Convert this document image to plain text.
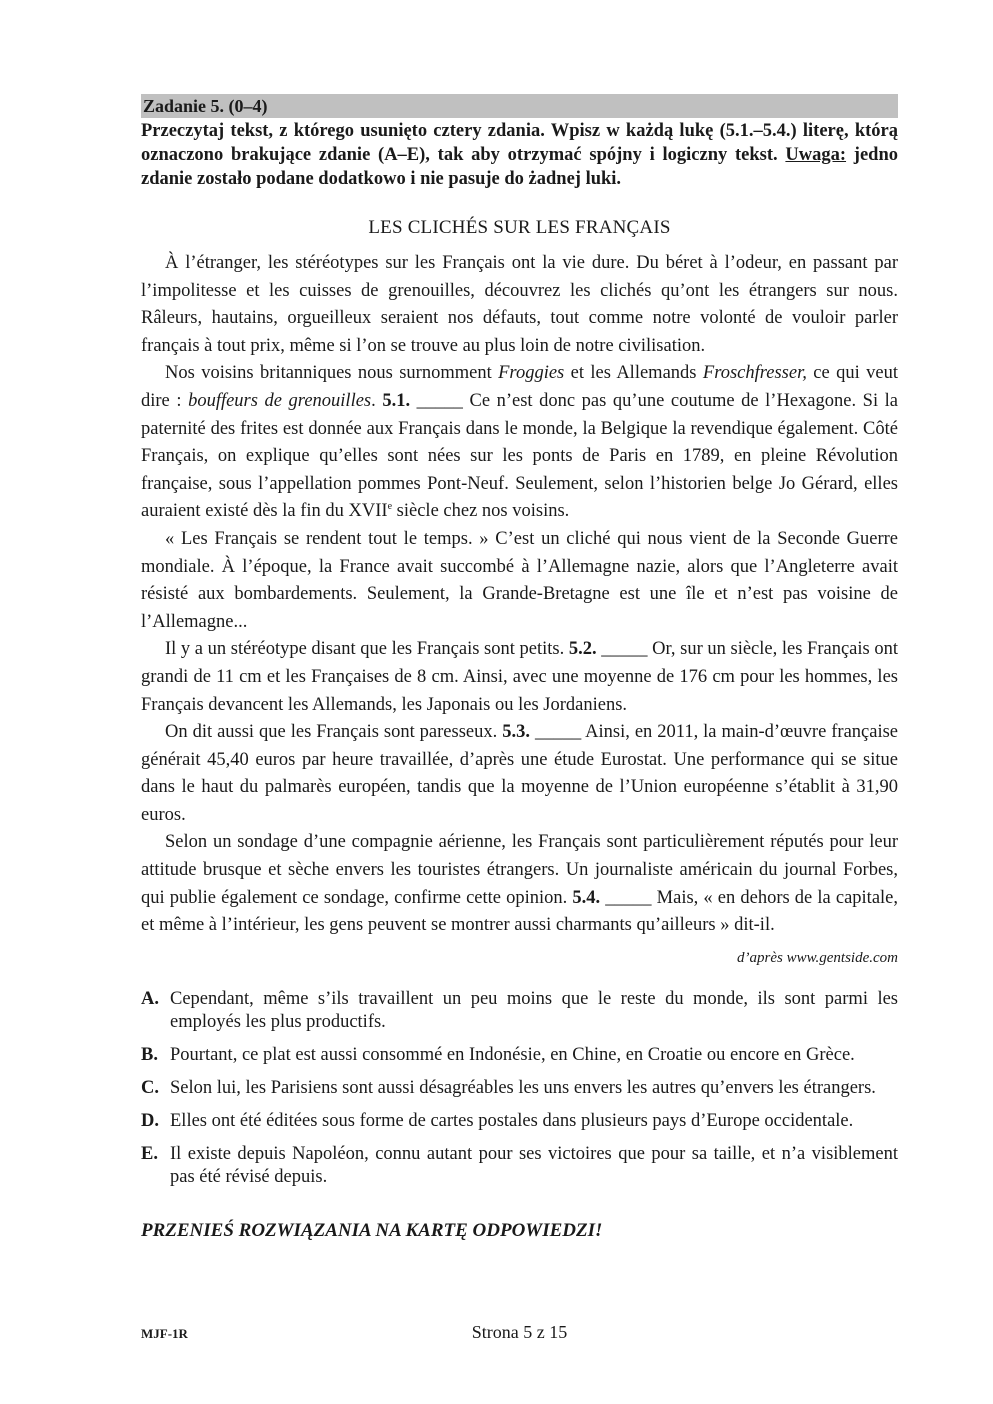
Zadanie 5. (0–4)
Przeczytaj tekst, z którego usunięto cztery zdania. Wpisz w każdą lukę (5.1.–5.4.) literę, którą oznaczono brakujące zdanie (A–E), tak aby otrzymać spójny i logiczny tekst. Uwaga: jedno zdanie zostało podane dodatkowo i nie pasuje do żadnej luki.
LES CLICHÉS SUR LES FRANÇAIS

À l’étranger, les stéréotypes sur les Français ont la vie dure. Du béret à l’odeur, en passant par l’impolitesse et les cuisses de grenouilles, découvrez les clichés qu’ont les étrangers sur nous. Râleurs, hautains, orgueilleux seraient nos défauts, tout comme notre volonté de vouloir parler français à tout prix, même si l’on se trouve au plus loin de notre civilisation.

Nos voisins britanniques nous surnomment Froggies et les Allemands Froschfresser, ce qui veut dire : bouffeurs de grenouilles. 5.1. _____ Ce n’est donc pas qu’une coutume de l’Hexagone. Si la paternité des frites est donnée aux Français dans le monde, la Belgique la revendique également. Côté Français, on explique qu’elles sont nées sur les ponts de Paris en 1789, en pleine Révolution française, sous l’appellation pommes Pont-Neuf. Seulement, selon l’historien belge Jo Gérard, elles auraient existé dès la fin du XVIIe siècle chez nos voisins.

« Les Français se rendent tout le temps. » C’est un cliché qui nous vient de la Seconde Guerre mondiale. À l’époque, la France avait succombé à l’Allemagne nazie, alors que l’Angleterre avait résisté aux bombardements. Seulement, la Grande-Bretagne est une île et n’est pas voisine de l’Allemagne...

Il y a un stéréotype disant que les Français sont petits. 5.2. _____ Or, sur un siècle, les Français ont grandi de 11 cm et les Françaises de 8 cm. Ainsi, avec une moyenne de 176 cm pour les hommes, les Français devancent les Allemands, les Japonais ou les Jordaniens.

On dit aussi que les Français sont paresseux. 5.3. _____ Ainsi, en 2011, la main-d’œuvre française générait 45,40 euros par heure travaillée, d’après une étude Eurostat. Une performance qui se situe dans le haut du palmarès européen, tandis que la moyenne de l’Union européenne s’établit à 31,90 euros.

Selon un sondage d’une compagnie aérienne, les Français sont particulièrement réputés pour leur attitude brusque et sèche envers les touristes étrangers. Un journaliste américain du journal Forbes, qui publie également ce sondage, confirme cette opinion. 5.4. _____ Mais, « en dehors de la capitale, et même à l’intérieur, les gens peuvent se montrer aussi charmants qu’ailleurs » dit-il.

d’après www.gentside.com
A. Cependant, même s’ils travaillent un peu moins que le reste du monde, ils sont parmi les employés les plus productifs.
B. Pourtant, ce plat est aussi consommé en Indonésie, en Chine, en Croatie ou encore en Grèce.
C. Selon lui, les Parisiens sont aussi désagréables les uns envers les autres qu’envers les étrangers.
D. Elles ont été éditées sous forme de cartes postales dans plusieurs pays d’Europe occidentale.
E. Il existe depuis Napoléon, connu autant pour ses victoires que pour sa taille, et n’a visiblement pas été révisé depuis.
PRZENIEŚ ROZWIĄZANIA NA KARTĘ ODPOWIEDZI!
MJF-1R	Strona 5 z 15
